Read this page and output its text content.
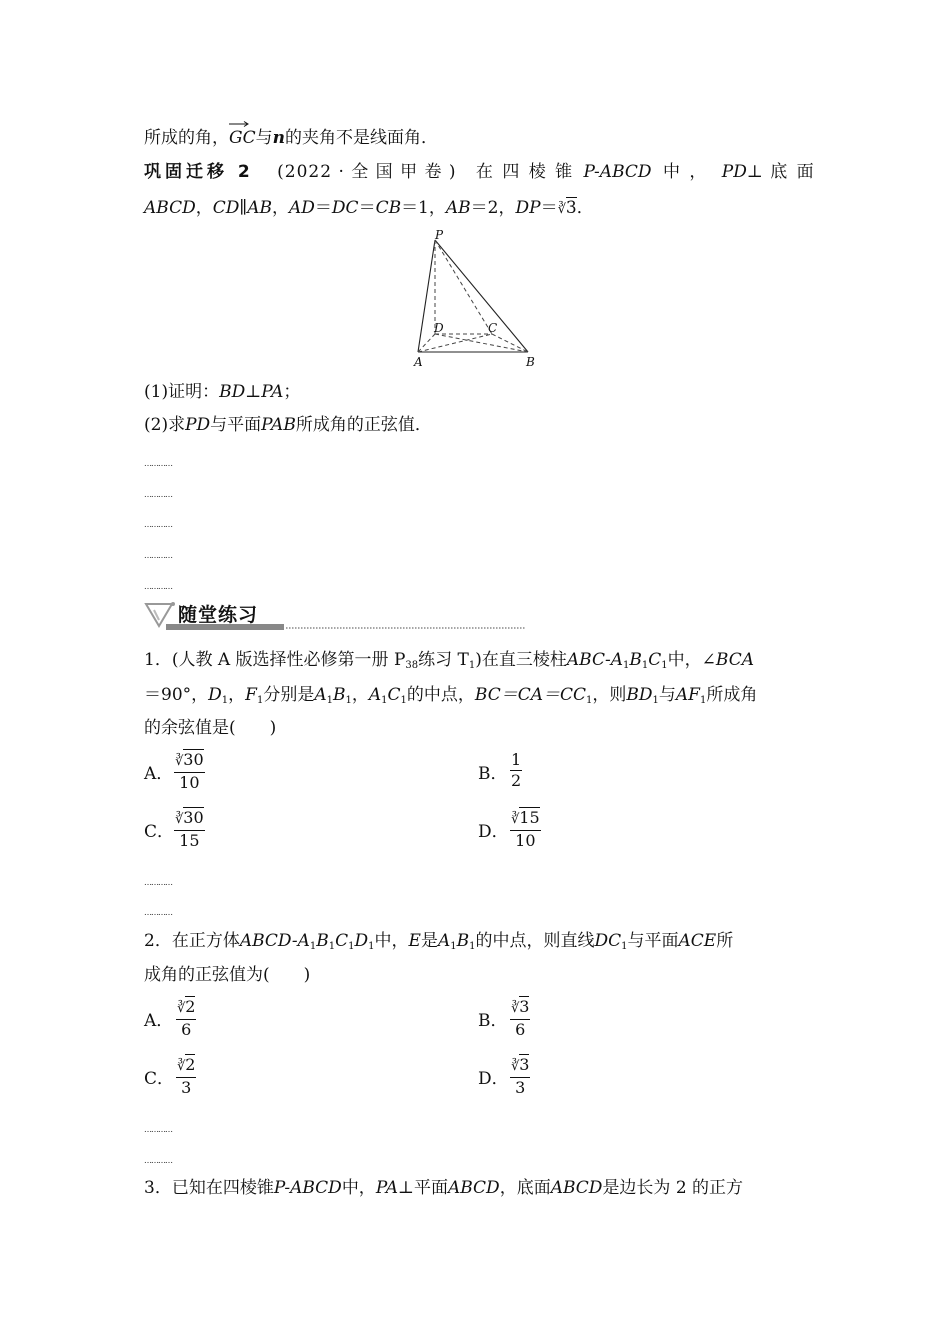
所成的角，
GC与n的夹角不是线面角．
巩固迁移 2 (2022 · 全 国 甲 卷 ) 在 四 棱 锥 P-ABCD 中 ， PD⊥ 底 面
ABCD，CD∥AB，AD＝DC＝CB＝1，AB＝2，DP＝∛3．
P
D	C
A	B
(1)证明：BD⊥PA；
(2)求PD与平面PAB所成角的正弦值．
…………
…………
…………
…………
…………
随堂练习
1．(人教 A 版选择性必修第一册 P38练习 T1)在直三棱柱ABC-$A_1B_1C_1$中，∠BCA
＝90°，$D_1$，$F_1$分别是$A_1B_1$，$A_1C_1$的中点，$BC=CA=CC_1$，则$BD_1$与$AF_1$所成角
的余弦值是(　　)
A． $\frac{∛30}{10}$	B． $\frac{1}{2}$
C． $\frac{∛30}{15}$	D． $\frac{∛15}{10}$
…………
…………
2．在正方体ABCD-$A_1B_1C_1D_1$中，E是$A_1B_1$的中点，则直线$DC_1$与平面ACE所
成角的正弦值为(　　)
A． $\frac{∛2}{6}$	B． $\frac{∛3}{6}$
C． $\frac{∛2}{3}$	D． $\frac{∛3}{3}$
…………
…………
3．已知在四棱锥P-ABCD中，PA⊥平面ABCD，底面ABCD是边长为 2 的正方
